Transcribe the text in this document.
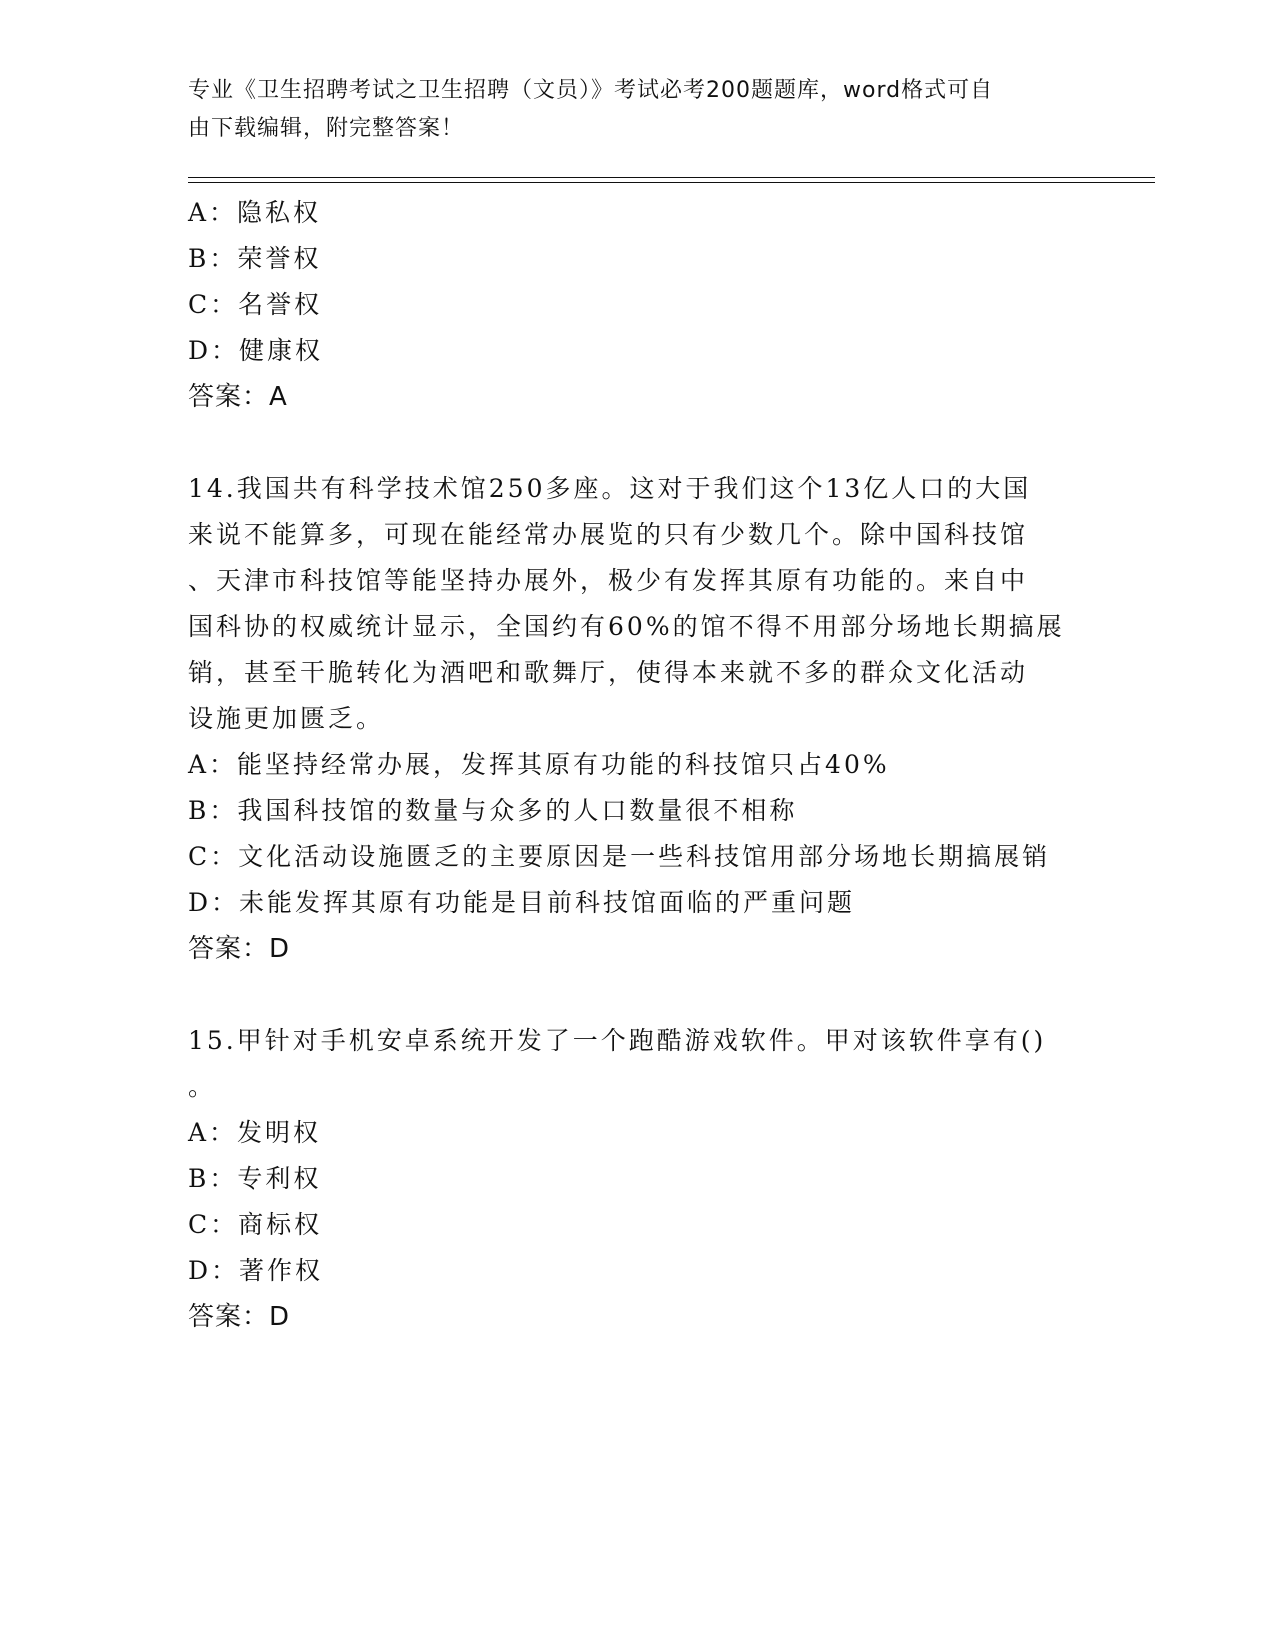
专业《卫生招聘考试之卫生招聘（文员）》考试必考200题题库，word格式可自
由下载编辑，附完整答案！
A：隐私权
B：荣誉权
C：名誉权
D：健康权
答案：A
14.我国共有科学技术馆250多座。这对于我们这个13亿人口的大国
来说不能算多，可现在能经常办展览的只有少数几个。除中国科技馆
、天津市科技馆等能坚持办展外，极少有发挥其原有功能的。来自中
国科协的权威统计显示，全国约有60%的馆不得不用部分场地长期搞展
销，甚至干脆转化为酒吧和歌舞厅，使得本来就不多的群众文化活动
设施更加匮乏。
A：能坚持经常办展，发挥其原有功能的科技馆只占40%
B：我国科技馆的数量与众多的人口数量很不相称
C：文化活动设施匮乏的主要原因是一些科技馆用部分场地长期搞展销
D：未能发挥其原有功能是目前科技馆面临的严重问题
答案：D
15.甲针对手机安卓系统开发了一个跑酷游戏软件。甲对该软件享有()
。
A：发明权
B：专利权
C：商标权
D：著作权
答案：D
